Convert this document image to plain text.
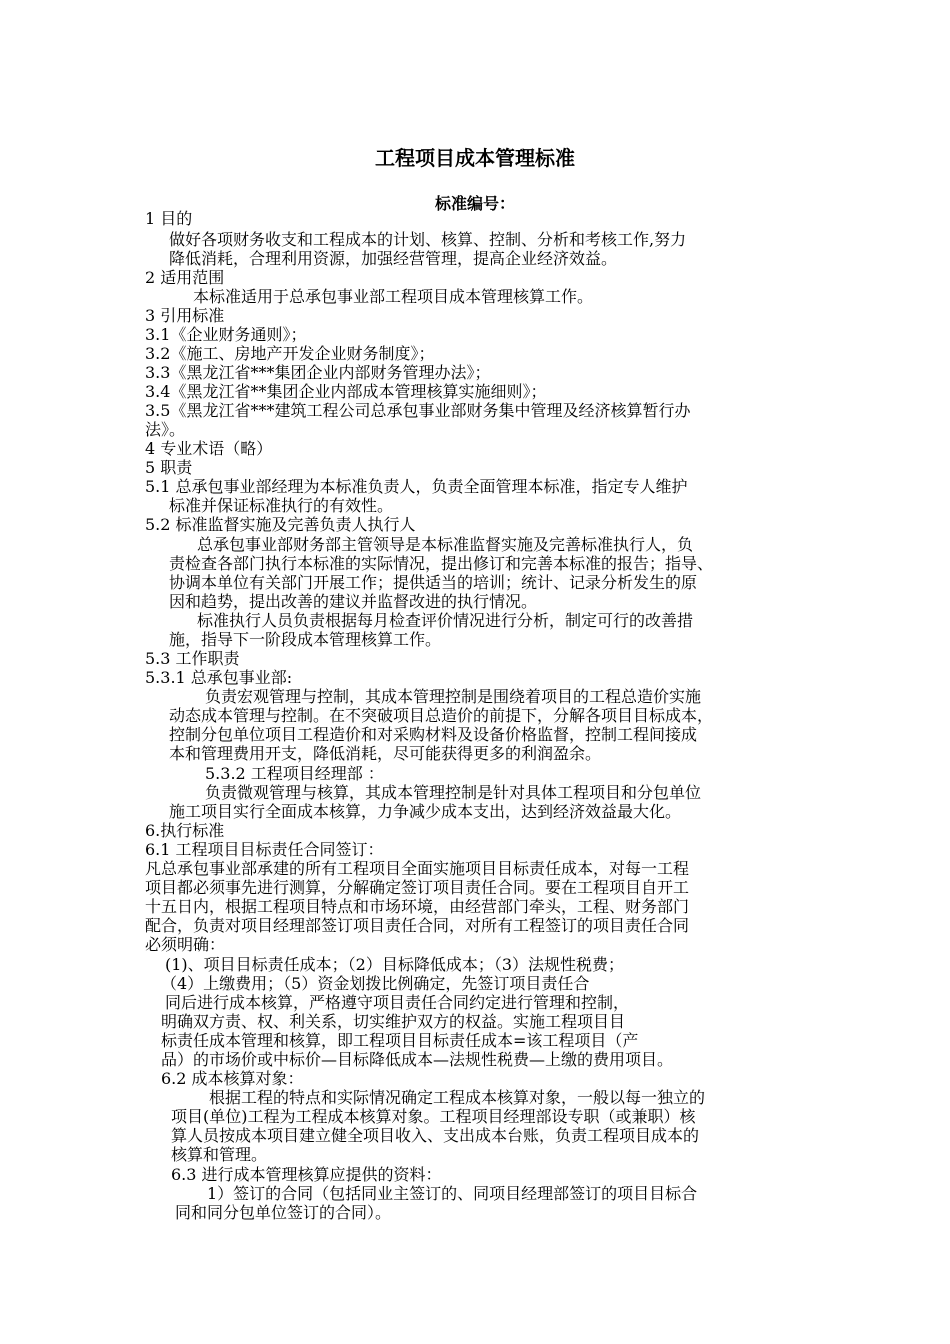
工程项目成本管理标准
标准编号：
1 目的
做好各项财务收支和工程成本的计划、核算、控制、分析和考核工作,努力
降低消耗，合理利用资源，加强经营管理，提高企业经济效益。
2 适用范围
本标准适用于总承包事业部工程项目成本管理核算工作。
3 引用标准
3.1《企业财务通则》；
3.2《施工、房地产开发企业财务制度》；
3.3《黑龙江省***集团企业内部财务管理办法》；
3.4《黑龙江省**集团企业内部成本管理核算实施细则》；
3.5《黑龙江省***建筑工程公司总承包事业部财务集中管理及经济核算暂行办
法》。
4 专业术语（略）
5 职责
5.1 总承包事业部经理为本标准负责人，负责全面管理本标准，指定专人维护
标准并保证标准执行的有效性。
5.2 标准监督实施及完善负责人执行人
总承包事业部财务部主管领导是本标准监督实施及完善标准执行人，负
责检查各部门执行本标准的实际情况，提出修订和完善本标准的报告；指导、
协调本单位有关部门开展工作；提供适当的培训；统计、记录分析发生的原
因和趋势，提出改善的建议并监督改进的执行情况。
标准执行人员负责根据每月检查评价情况进行分析，制定可行的改善措
施，指导下一阶段成本管理核算工作。
5.3 工作职责
5.3.1 总承包事业部:
负责宏观管理与控制，其成本管理控制是围绕着项目的工程总造价实施
动态成本管理与控制。在不突破项目总造价的前提下，分解各项目目标成本，
控制分包单位项目工程造价和对采购材料及设备价格监督，控制工程间接成
本和管理费用开支，降低消耗，尽可能获得更多的利润盈余。
5.3.2 工程项目经理部 ：
负责微观管理与核算，其成本管理控制是针对具体工程项目和分包单位
施工项目实行全面成本核算，力争减少成本支出，达到经济效益最大化。
6.执行标准
6.1 工程项目目标责任合同签订：
凡总承包事业部承建的所有工程项目全面实施项目目标责任成本，对每一工程
项目都必须事先进行测算，分解确定签订项目责任合同。要在工程项目自开工
十五日内，根据工程项目特点和市场环境，由经营部门牵头，工程、财务部门
配合，负责对项目经理部签订项目责任合同，对所有工程签订的项目责任合同
必须明确：
(1)、项目目标责任成本；（2）目标降低成本；（3）法规性税费；
（4）上缴费用；（5）资金划拨比例确定，先签订项目责任合
同后进行成本核算，严格遵守项目责任合同约定进行管理和控制，
明确双方责、权、利关系，切实维护双方的权益。实施工程项目目
标责任成本管理和核算，即工程项目目标责任成本=该工程项目（产
品）的市场价或中标价—目标降低成本—法规性税费—上缴的费用项目。
6.2 成本核算对象：
根据工程的特点和实际情况确定工程成本核算对象，一般以每一独立的
项目(单位)工程为工程成本核算对象。工程项目经理部设专职（或兼职）核
算人员按成本项目建立健全项目收入、支出成本台账，负责工程项目成本的
核算和管理。
6.3 进行成本管理核算应提供的资料：
1）签订的合同（包括同业主签订的、同项目经理部签订的项目目标合
同和同分包单位签订的合同）。
